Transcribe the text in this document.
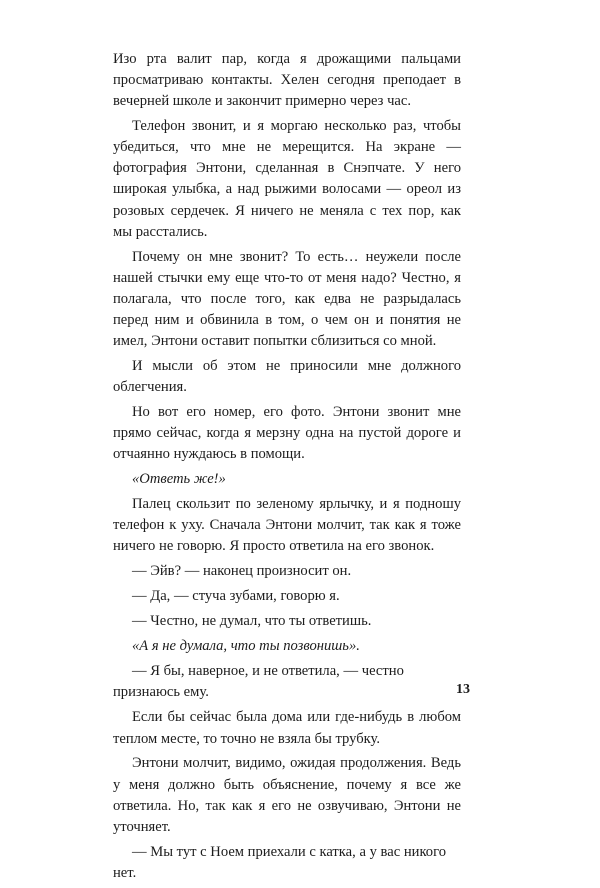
Изо рта валит пар, когда я дрожащими пальцами просматриваю контакты. Хелен сегодня преподает в вечерней школе и закончит примерно через час.

Телефон звонит, и я моргаю несколько раз, чтобы убедиться, что мне не мерещится. На экране — фотография Энтони, сделанная в Снэпчате. У него широкая улыбка, а над рыжими волосами — ореол из розовых сердечек. Я ничего не меняла с тех пор, как мы расстались.

Почему он мне звонит? То есть… неужели после нашей стычки ему еще что-то от меня надо? Честно, я полагала, что после того, как едва не разрыдалась перед ним и обвинила в том, о чем он и понятия не имел, Энтони оставит попытки сблизиться со мной.

И мысли об этом не приносили мне должного облегчения.

Но вот его номер, его фото. Энтони звонит мне прямо сейчас, когда я мерзну одна на пустой дороге и отчаянно нуждаюсь в помощи.

«Ответь же!»

Палец скользит по зеленому ярлычку, и я подношу телефон к уху. Сначала Энтони молчит, так как я тоже ничего не говорю. Я просто ответила на его звонок.

— Эйв? — наконец произносит он.

— Да, — стуча зубами, говорю я.

— Честно, не думал, что ты ответишь.

«А я не думала, что ты позвонишь».

— Я бы, наверное, и не ответила, — честно признаюсь ему.

Если бы сейчас была дома или где-нибудь в любом теплом месте, то точно не взяла бы трубку.

Энтони молчит, видимо, ожидая продолжения. Ведь у меня должно быть объяснение, почему я все же ответила. Но, так как я его не озвучиваю, Энтони не уточняет.

— Мы тут с Ноем приехали с катка, а у вас никого нет.

13
